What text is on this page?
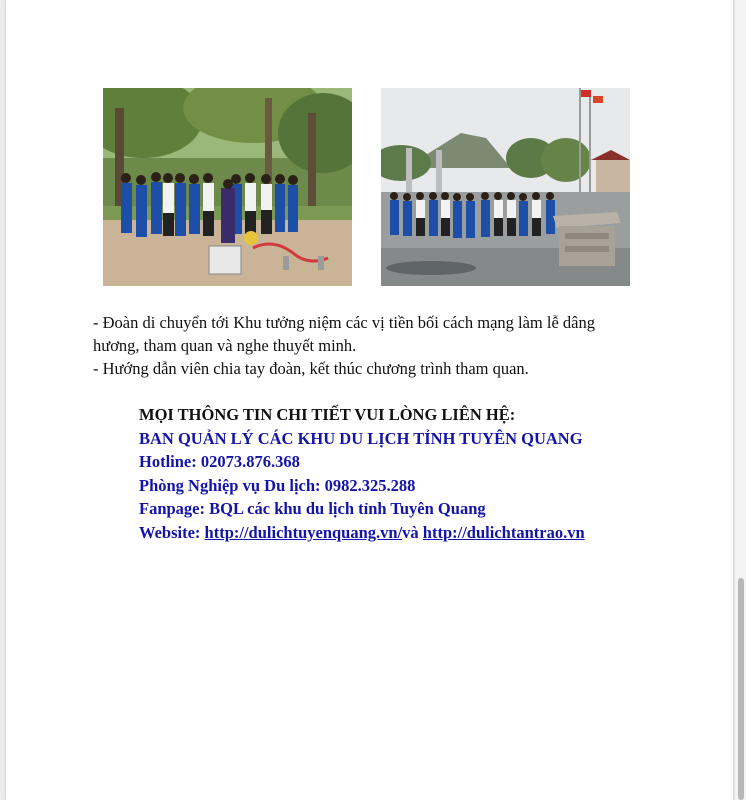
- Đoàn di chuyển tới Khu tưởng niệm các vị tiền bối cách mạng làm lễ dâng

hương, tham quan và nghe thuyết minh.

- Hướng dẫn viên chia tay đoàn, kết thúc chương trình tham quan.

MỌI THÔNG TIN CHI TIẾT VUI LÒNG LIÊN HỆ:
BAN QUẢN LÝ CÁC KHU DU LỊCH TỈNH TUYÊN QUANG
Hotline: 02073.876.368
Phòng Nghiệp vụ Du lịch: 0982.325.288
Fanpage: BQL các khu du lịch tỉnh Tuyên Quang
Website: http://dulichtuyenquang.vn/và http://dulichtantrao.vn
